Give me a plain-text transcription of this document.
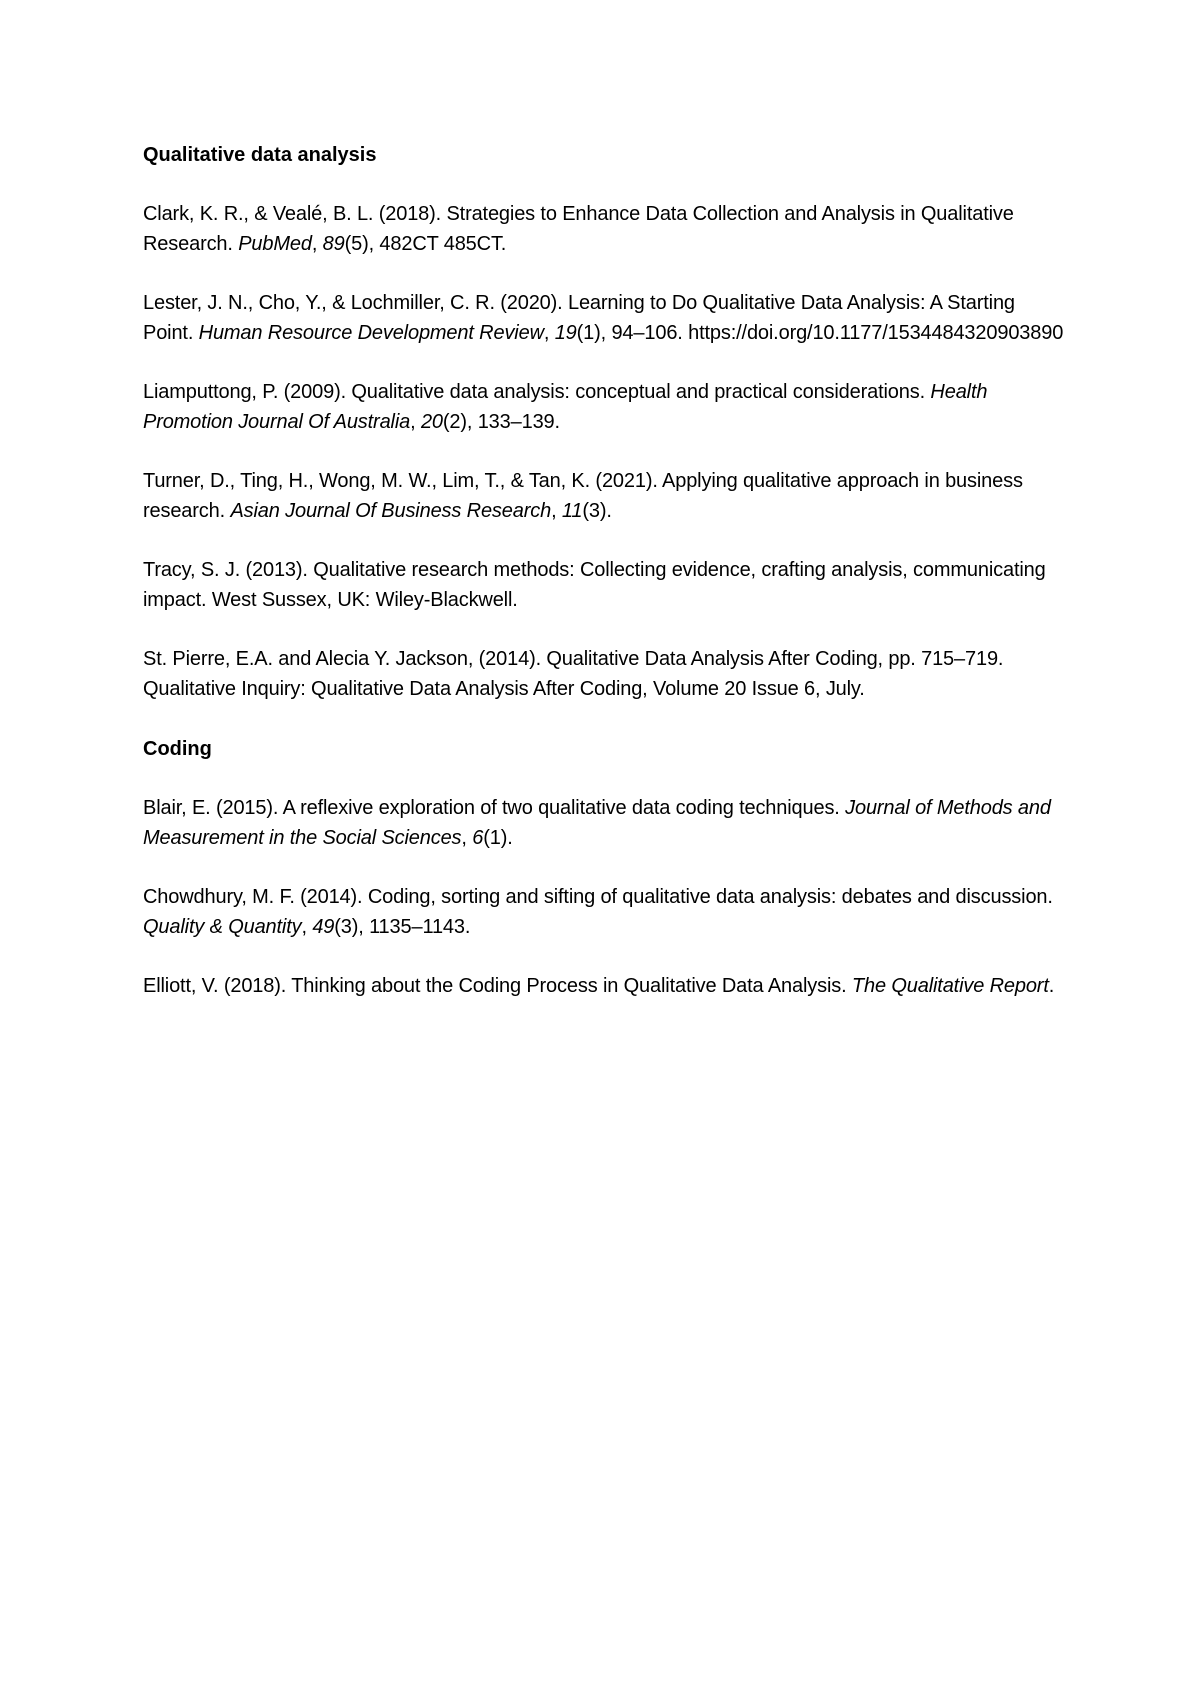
Qualitative data analysis

Clark, K. R., & Vealé, B. L. (2018). Strategies to Enhance Data Collection and Analysis in Qualitative Research. PubMed, 89(5), 482CT 485CT.

Lester, J. N., Cho, Y., & Lochmiller, C. R. (2020). Learning to Do Qualitative Data Analysis: A Starting Point. Human Resource Development Review, 19(1), 94–106. https://doi.org/10.1177/1534484320903890

Liamputtong, P. (2009). Qualitative data analysis: conceptual and practical considerations. Health Promotion Journal Of Australia, 20(2), 133–139.

Turner, D., Ting, H., Wong, M. W., Lim, T., & Tan, K. (2021). Applying qualitative approach in business research. Asian Journal Of Business Research, 11(3).

Tracy, S. J. (2013). Qualitative research methods: Collecting evidence, crafting analysis, communicating impact. West Sussex, UK: Wiley-Blackwell.

St. Pierre, E.A. and Alecia Y. Jackson, (2014). Qualitative Data Analysis After Coding, pp. 715–719. Qualitative Inquiry: Qualitative Data Analysis After Coding, Volume 20 Issue 6, July.

Coding

Blair, E. (2015). A reflexive exploration of two qualitative data coding techniques. Journal of Methods and Measurement in the Social Sciences, 6(1).

Chowdhury, M. F. (2014). Coding, sorting and sifting of qualitative data analysis: debates and discussion. Quality & Quantity, 49(3), 1135–1143.

Elliott, V. (2018). Thinking about the Coding Process in Qualitative Data Analysis. The Qualitative Report.
